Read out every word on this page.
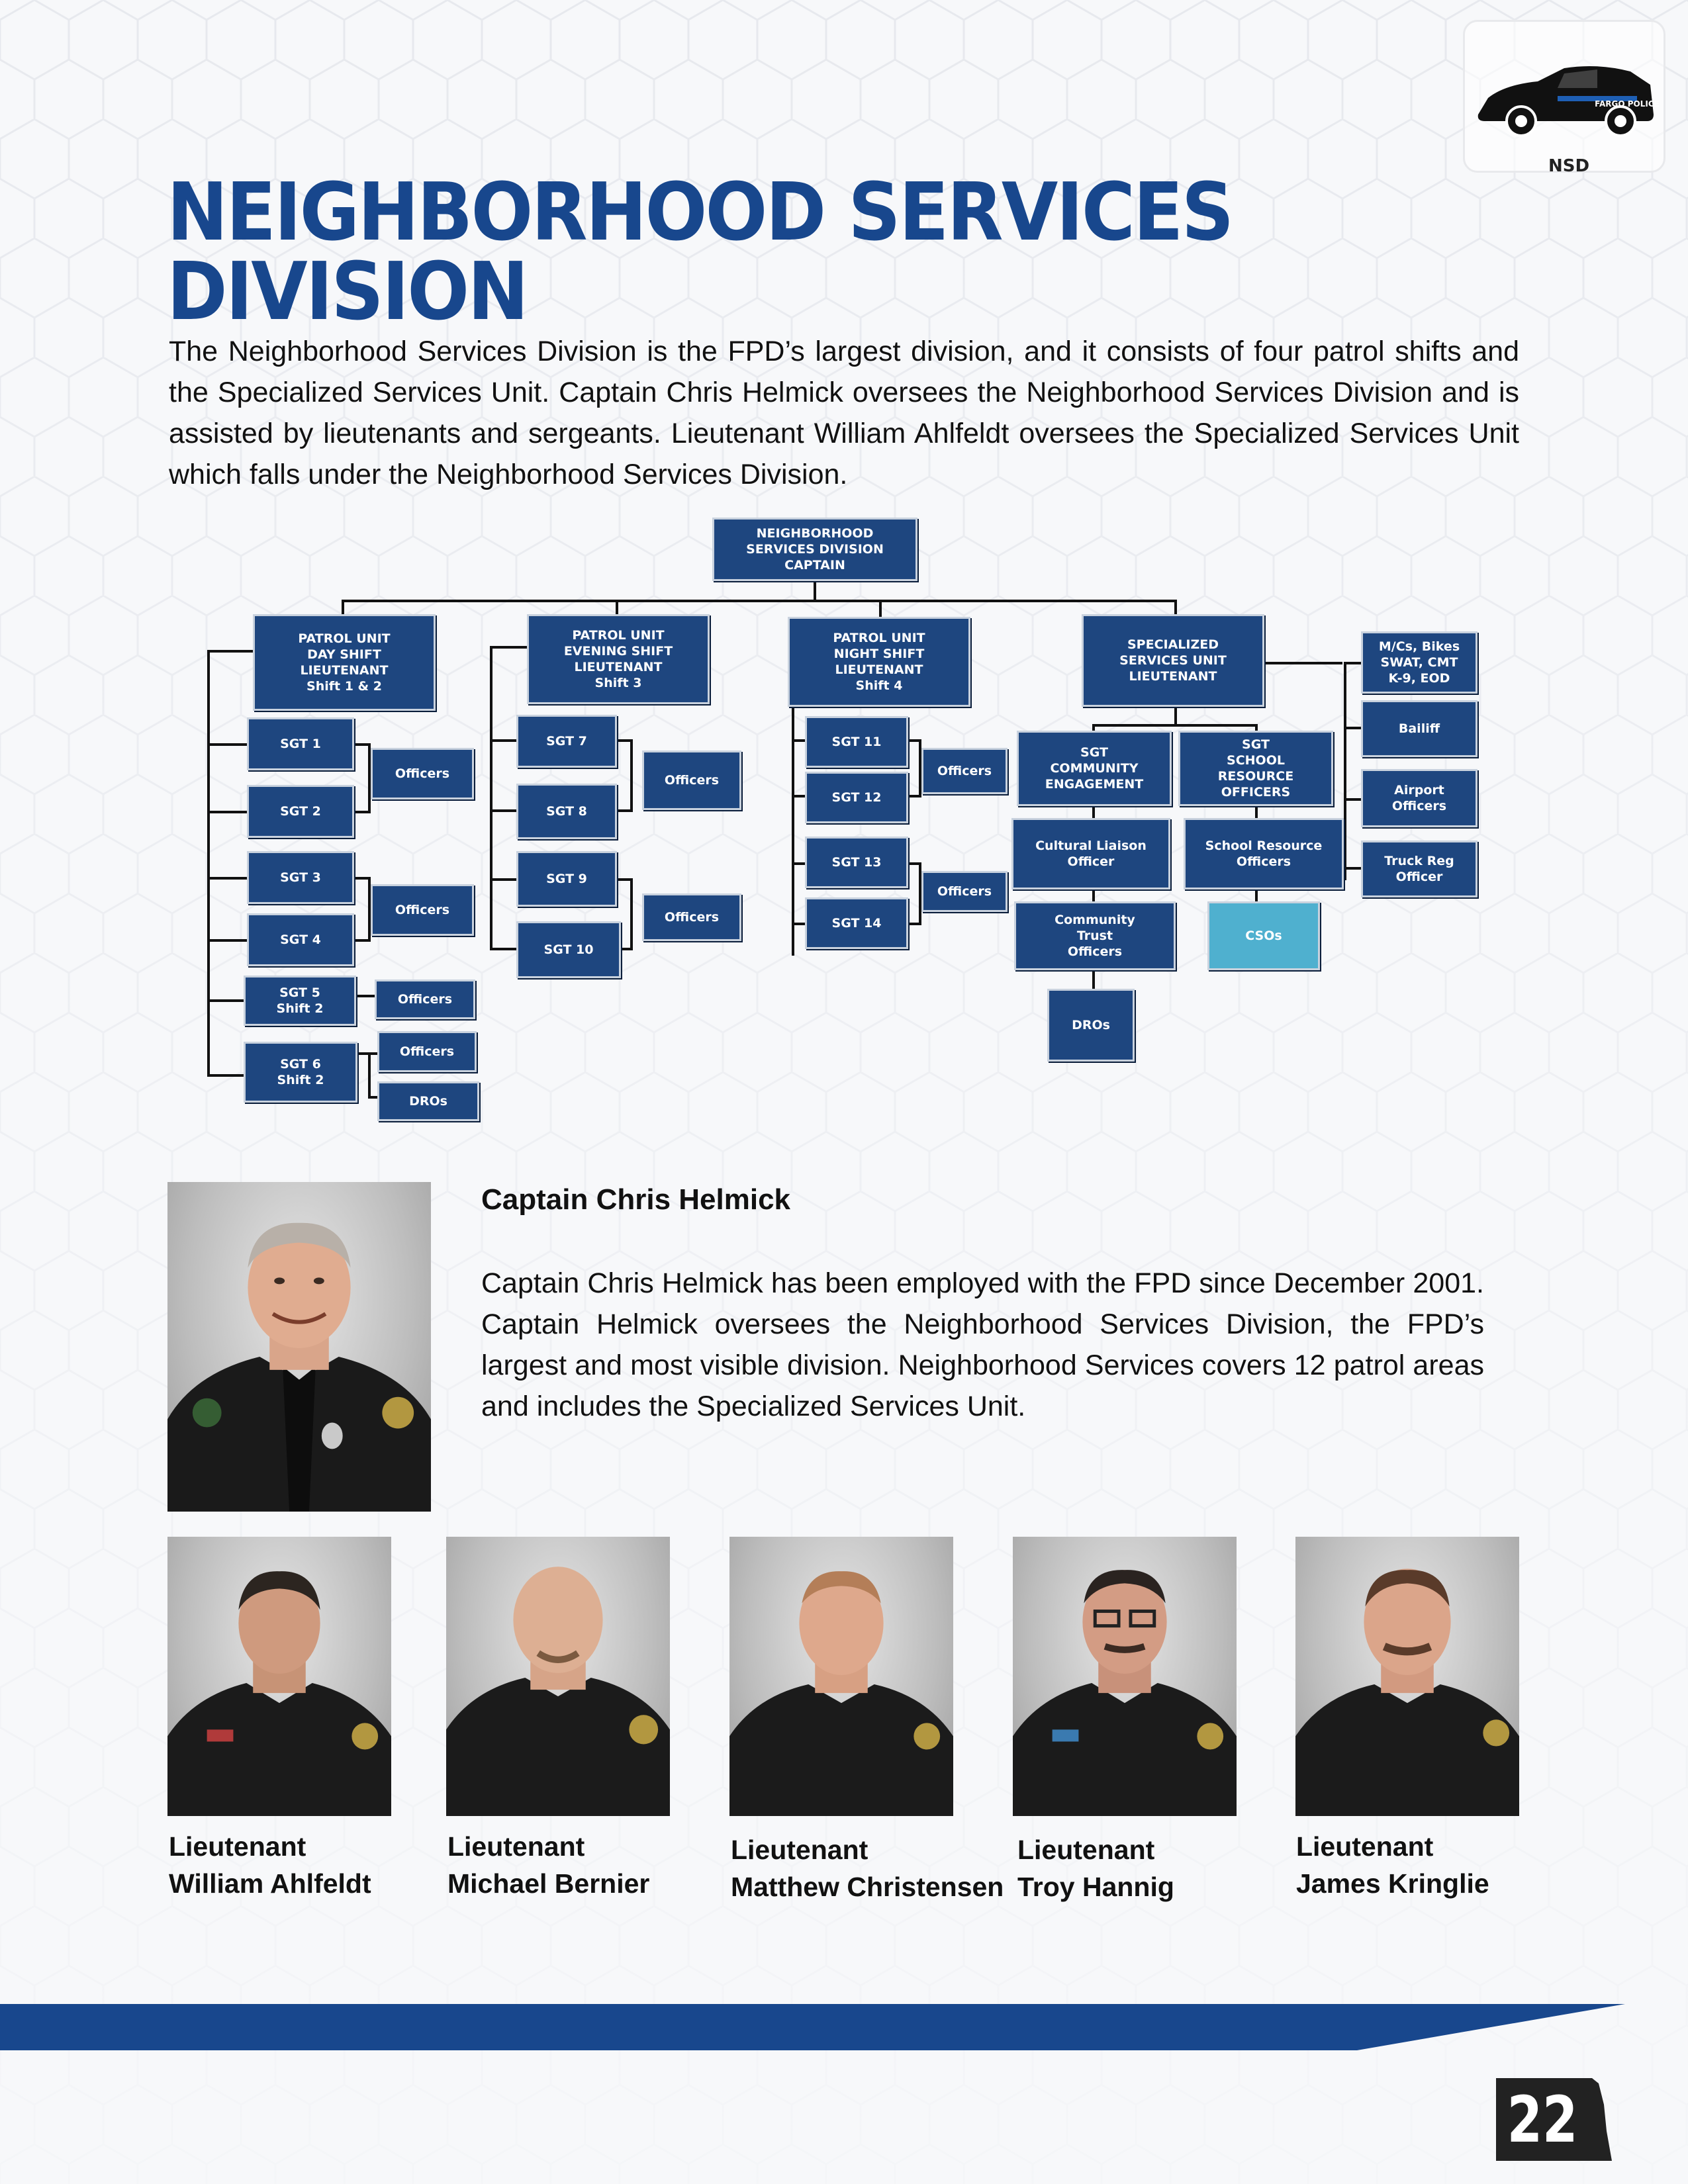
FARGO POLICE
NSD
NEIGHBORHOOD SERVICES DIVISION

The Neighborhood Services Division is the FPD’s largest division, and it consists of four patrol shifts and the Specialized Services Unit. Captain Chris Helmick oversees the Neighborhood Services Division and is assisted by lieutenants and sergeants. Lieutenant William Ahlfeldt oversees the Specialized Services Unit which falls under the Neighborhood Services Division.

NEIGHBORHOOD
SERVICES DIVISION
CAPTAIN
PATROL UNIT
DAY SHIFT
LIEUTENANT
Shift 1 & 2
PATROL UNIT
EVENING SHIFT
LIEUTENANT
Shift 3
PATROL UNIT
NIGHT SHIFT
LIEUTENANT
Shift 4
SPECIALIZED
SERVICES UNIT
LIEUTENANT
SGT 1
SGT 2
Officers
SGT 3
SGT 4
Officers
SGT 5
Shift 2
Officers
SGT 6
Shift 2
Officers
DROs
SGT 7
SGT 8
Officers
SGT 9
SGT 10
Officers
SGT 11
SGT 12
Officers
SGT 13
SGT 14
Officers
SGT
COMMUNITY
ENGAGEMENT
SGT
SCHOOL
RESOURCE
OFFICERS
Cultural Liaison
Officer
School Resource
Officers
Community
Trust
Officers
CSOs
DROs
M/Cs, Bikes
SWAT, CMT
K-9, EOD
Bailiff
Airport
Officers
Truck Reg
Officer
Captain Chris Helmick

Captain Chris Helmick has been employed with the FPD since December 2001. Captain Helmick oversees the Neighborhood Services Division, the FPD’s largest and most visible division. Neighborhood Services covers 12 patrol areas and includes the Specialized Services Unit.

Lieutenant
William Ahlfeldt
Lieutenant
Michael Bernier
Lieutenant
Matthew Christensen
Lieutenant
Troy Hannig
Lieutenant
James Kringlie
22
